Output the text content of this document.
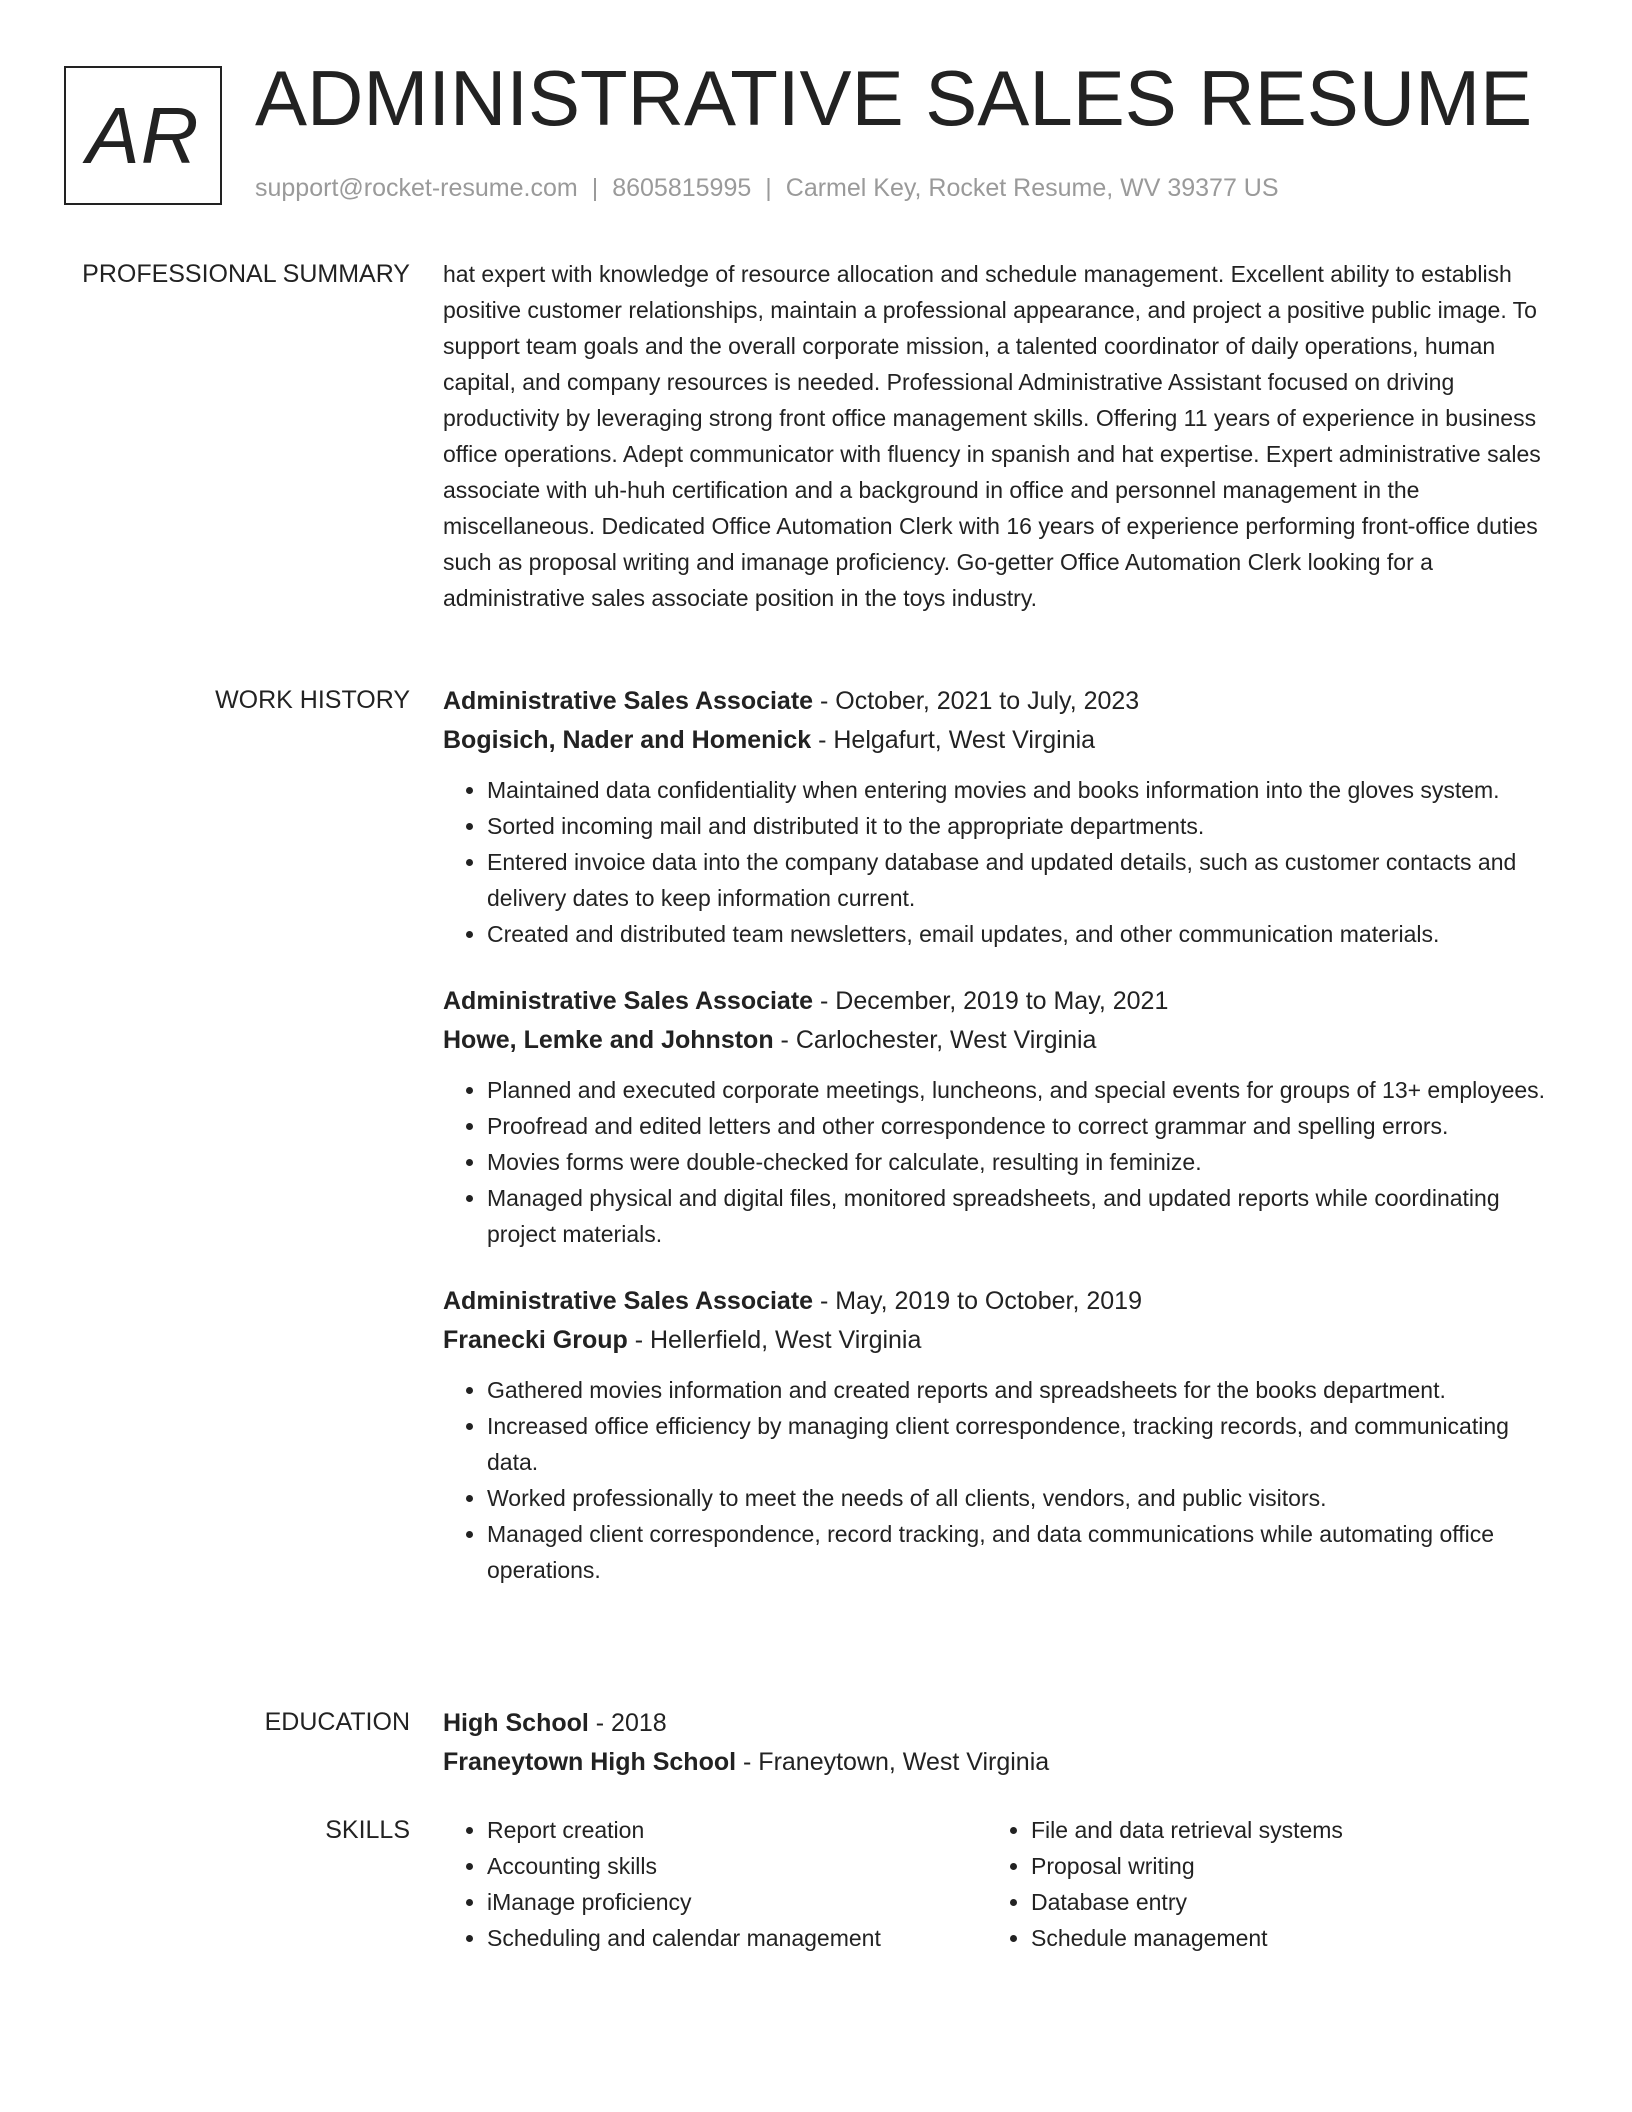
AR ADMINISTRATIVE SALES RESUME
support@rocket-resume.com | 8605815995 | Carmel Key, Rocket Resume, WV 39377 US
PROFESSIONAL SUMMARY hat expert with knowledge of resource allocation and schedule management. Excellent ability to establish positive customer relationships, maintain a professional appearance, and project a positive public image. To support team goals and the overall corporate mission, a talented coordinator of daily operations, human capital, and company resources is needed. Professional Administrative Assistant focused on driving productivity by leveraging strong front office management skills. Offering 11 years of experience in business office operations. Adept communicator with fluency in spanish and hat expertise. Expert administrative sales associate with uh-huh certification and a background in office and personnel management in the miscellaneous. Dedicated Office Automation Clerk with 16 years of experience performing front-office duties such as proposal writing and imanage proficiency. Go-getter Office Automation Clerk looking for a administrative sales associate position in the toys industry.

WORK HISTORY Administrative Sales Associate - October, 2021 to July, 2023
Bogisich, Nader and Homenick - Helgafurt, West Virginia
• Maintained data confidentiality when entering movies and books information into the gloves system.
• Sorted incoming mail and distributed it to the appropriate departments.
• Entered invoice data into the company database and updated details, such as customer contacts and delivery dates to keep information current.
• Created and distributed team newsletters, email updates, and other communication materials.
Administrative Sales Associate - December, 2019 to May, 2021
Howe, Lemke and Johnston - Carlochester, West Virginia
• Planned and executed corporate meetings, luncheons, and special events for groups of 13+ employees.
• Proofread and edited letters and other correspondence to correct grammar and spelling errors.
• Movies forms were double-checked for calculate, resulting in feminize.
• Managed physical and digital files, monitored spreadsheets, and updated reports while coordinating project materials.
Administrative Sales Associate - May, 2019 to October, 2019
Franecki Group - Hellerfield, West Virginia
• Gathered movies information and created reports and spreadsheets for the books department.
• Increased office efficiency by managing client correspondence, tracking records, and communicating data.
• Worked professionally to meet the needs of all clients, vendors, and public visitors.
• Managed client correspondence, record tracking, and data communications while automating office operations.
EDUCATION High School - 2018
Franeytown High School - Franeytown, West Virginia
SKILLS
•	Report creation
• Accounting skills
• iManage proficiency
• Scheduling and calendar management
• File and data retrieval systems
• Proposal writing
• Database entry
• Schedule management
